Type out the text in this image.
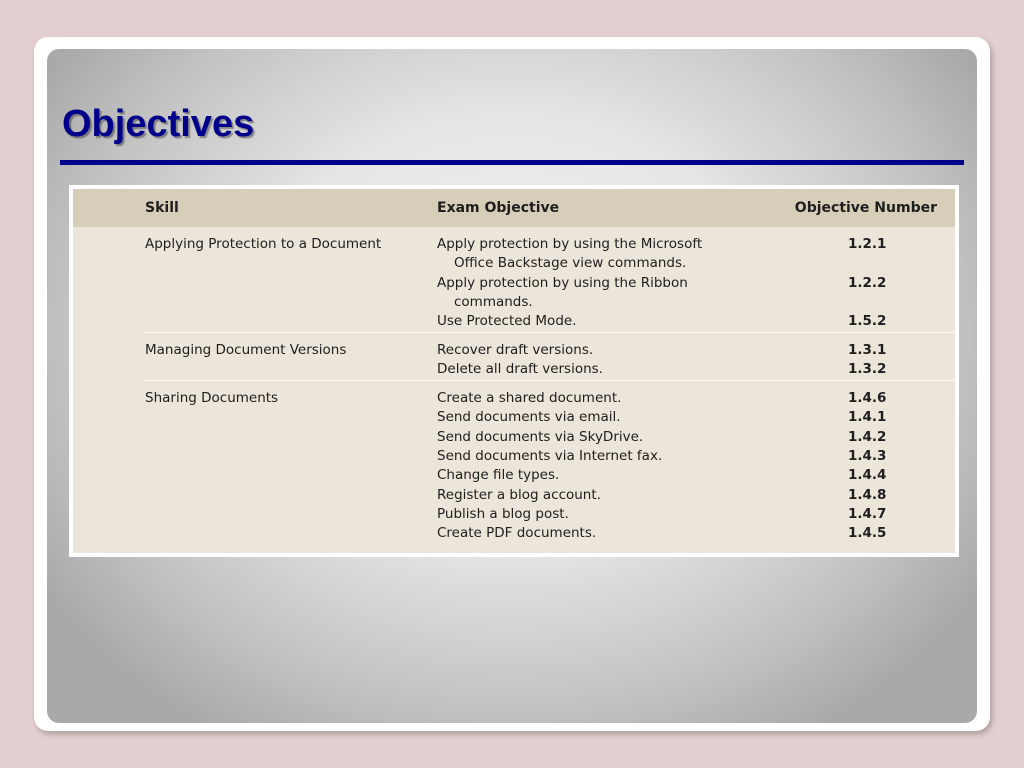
Objectives
Skill	Exam Objective	Objective Number
Applying Protection to a Document	Apply protection by using the Microsoft	1.2.1
Office Backstage view commands.
Apply protection by using the Ribbon	1.2.2
commands.
Use Protected Mode.	1.5.2
Managing Document Versions	Recover draft versions.	1.3.1
Delete all draft versions.	1.3.2
Sharing Documents	Create a shared document.	1.4.6
Send documents via email.	1.4.1
Send documents via SkyDrive.	1.4.2
Send documents via Internet fax.	1.4.3
Change file types.	1.4.4
Register a blog account.	1.4.8
Publish a blog post.	1.4.7
Create PDF documents.	1.4.5
